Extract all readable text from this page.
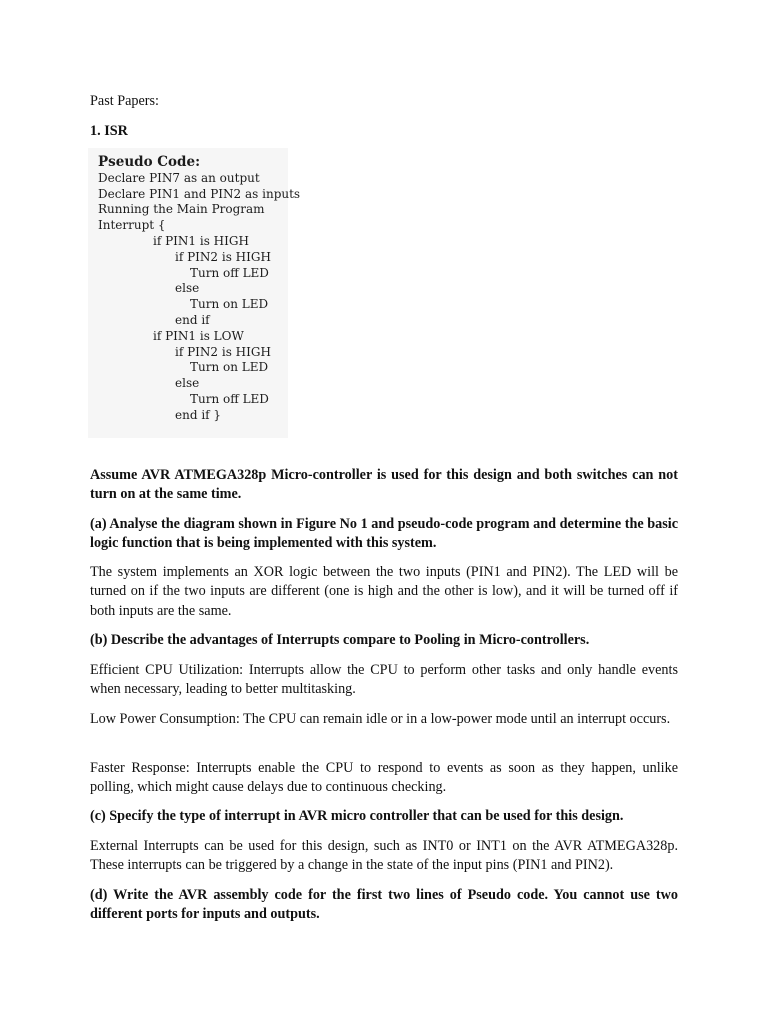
Past Papers:

1. ISR

Pseudo Code:
Declare PIN7 as an output
Declare PIN1 and PIN2 as inputs
Running the Main Program
Interrupt {
if PIN1 is HIGH
if PIN2 is HIGH
Turn off LED
else
Turn on LED
end if
if PIN1 is LOW
if PIN2 is HIGH
Turn on LED
else
Turn off LED
end if }

Assume AVR ATMEGA328p Micro-controller is used for this design and both switches can not turn on at the same time.

(a) Analyse the diagram shown in Figure No 1 and pseudo-code program and determine the basic logic function that is being implemented with this system.

The system implements an XOR logic between the two inputs (PIN1 and PIN2). The LED will be turned on if the two inputs are different (one is high and the other is low), and it will be turned off if both inputs are the same.

(b) Describe the advantages of Interrupts compare to Pooling in Micro-controllers.

Efficient CPU Utilization: Interrupts allow the CPU to perform other tasks and only handle events when necessary, leading to better multitasking.

Low Power Consumption: The CPU can remain idle or in a low-power mode until an interrupt occurs.

Faster Response: Interrupts enable the CPU to respond to events as soon as they happen, unlike polling, which might cause delays due to continuous checking.

(c) Specify the type of interrupt in AVR micro controller that can be used for this design.

External Interrupts can be used for this design, such as INT0 or INT1 on the AVR ATMEGA328p. These interrupts can be triggered by a change in the state of the input pins (PIN1 and PIN2).

(d) Write the AVR assembly code for the first two lines of Pseudo code. You cannot use two different ports for inputs and outputs.
